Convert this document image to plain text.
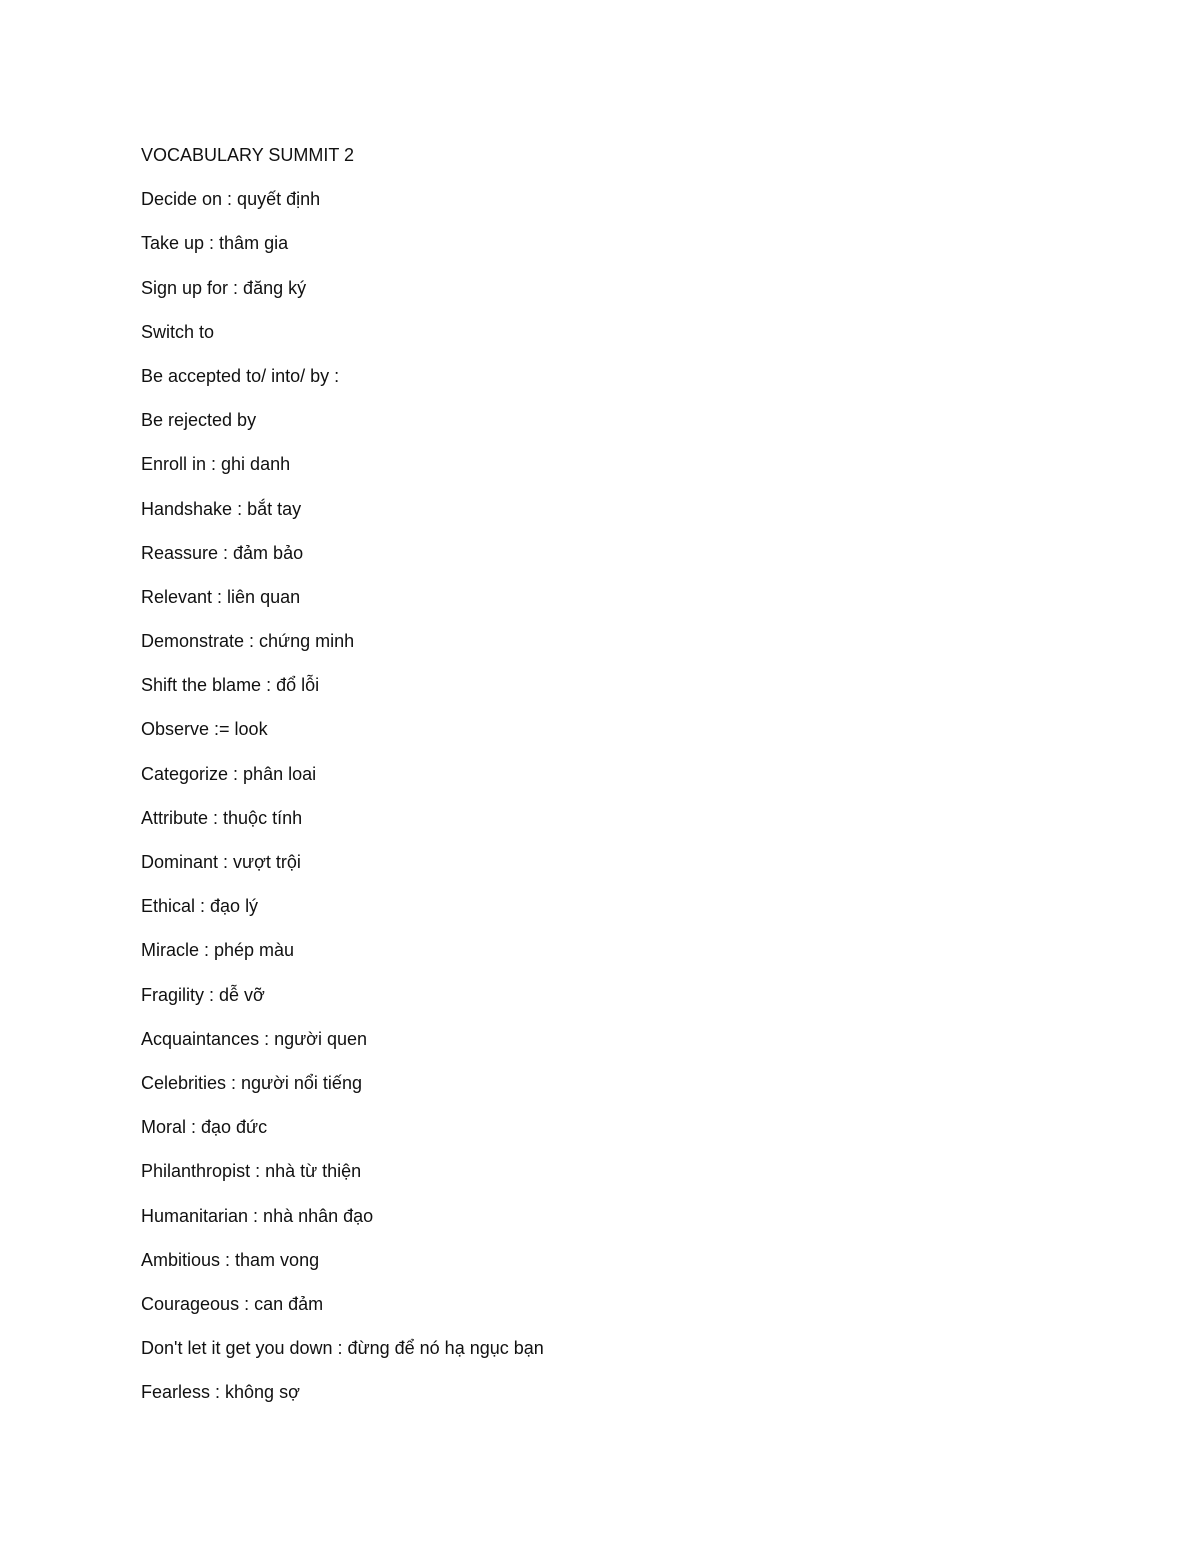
VOCABULARY SUMMIT 2

Decide on : quyết định

Take up : thâm gia

Sign up for : đăng ký

Switch to

Be accepted to/ into/ by :

Be rejected by

Enroll in : ghi danh

Handshake : bắt tay

Reassure : đảm bảo

Relevant : liên quan

Demonstrate : chứng minh

Shift the blame : đổ lỗi

Observe := look

Categorize : phân loai

Attribute : thuộc tính

Dominant : vượt trội

Ethical : đạo lý

Miracle : phép màu

Fragility : dễ vỡ

Acquaintances : người quen

Celebrities : người nổi tiếng

Moral : đạo đức

Philanthropist : nhà từ thiện

Humanitarian : nhà nhân đạo

Ambitious : tham vong

Courageous : can đảm

Don't let it get you down : đừng để nó hạ ngục bạn

Fearless : không sợ
